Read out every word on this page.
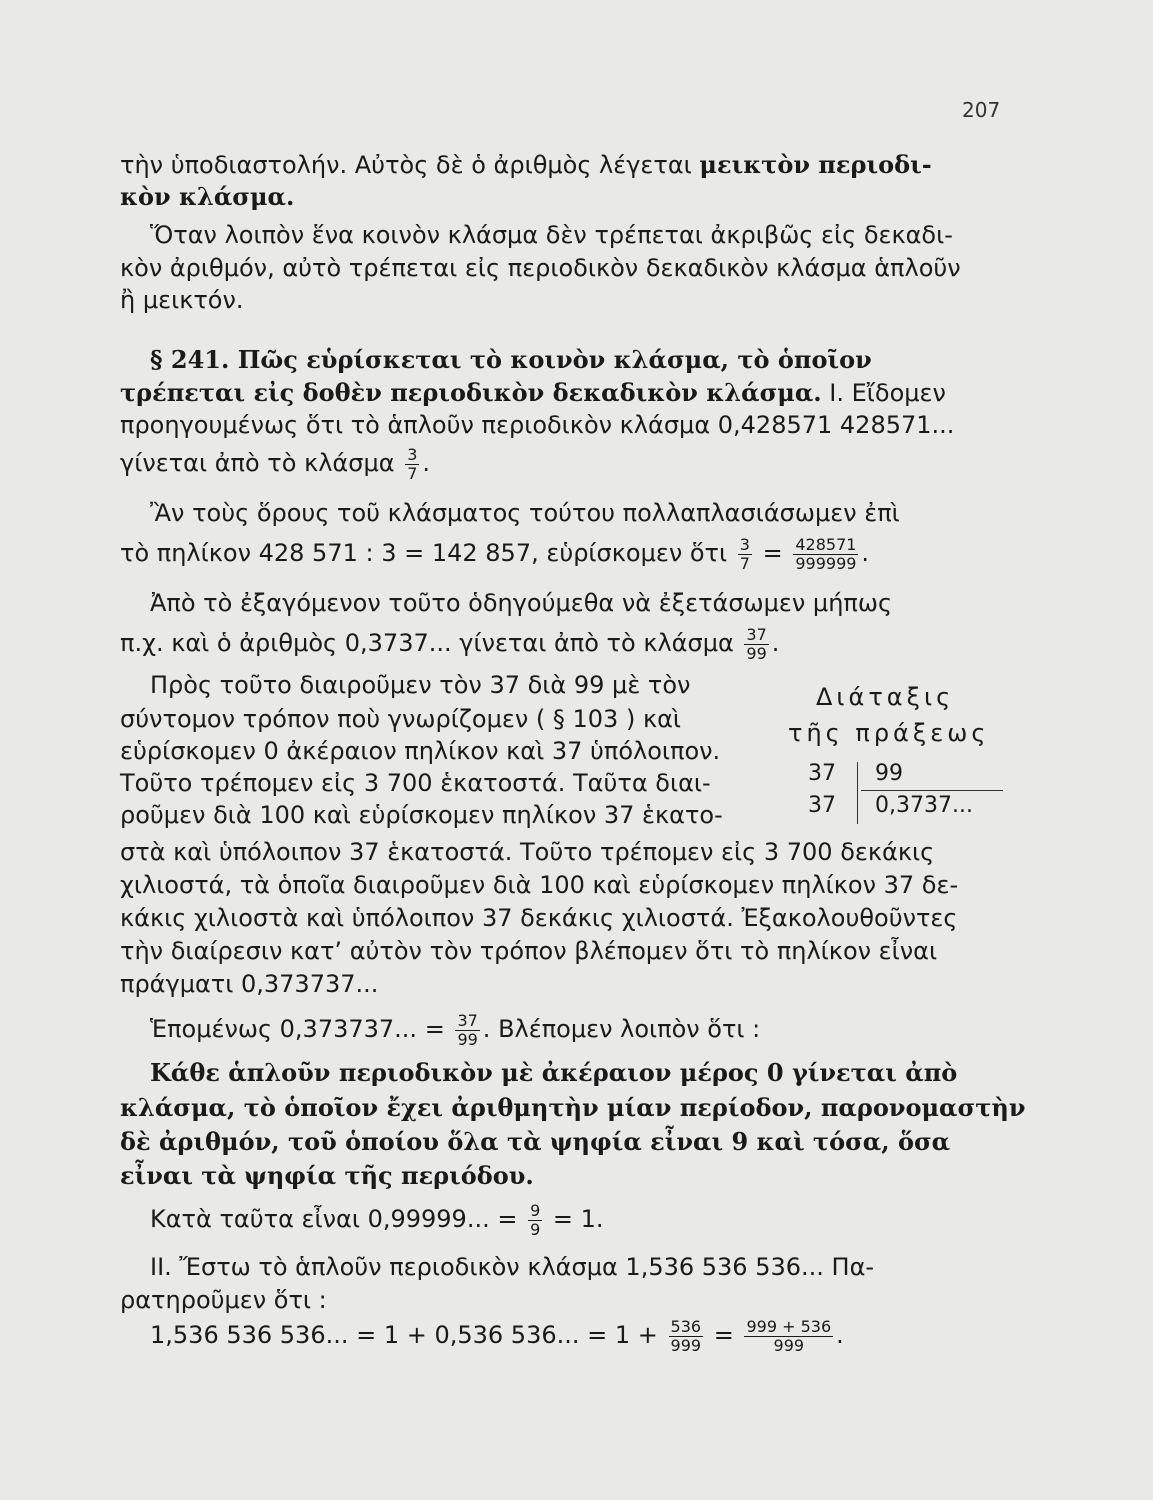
207
τὴν ὑποδιαστολήν. Αὐτὸς δὲ ὁ ἀριθμὸς λέγεται μεικτὸν περιοδι-
κὸν κλάσμα.
Ὅταν λοιπὸν ἕνα κοινὸν κλάσμα δὲν τρέπεται ἀκριβῶς εἰς δεκαδι-
κὸν ἀριθμόν, αὐτὸ τρέπεται εἰς περιοδικὸν δεκαδικὸν κλάσμα ἁπλοῦν
ἢ μεικτόν.
§ 241. Πῶς εὑρίσκεται τὸ κοινὸν κλάσμα, τὸ ὁποῖον
τρέπεται εἰς δοθὲν περιοδικὸν δεκαδικὸν κλάσμα. I. Εἴδομεν
προηγουμένως ὅτι τὸ ἁπλοῦν περιοδικὸν κλάσμα 0,428571 428571...
γίνεται ἀπὸ τὸ κλάσμα $\frac{3}{7}$ .
Ἂν τοὺς ὅρους τοῦ κλάσματος τούτου πολλαπλασιάσωμεν ἐπὶ
τὸ πηλίκον 428 571 : 3 = 142 857, εὑρίσκομεν ὅτι $\frac{3}{7} = \frac{428571}{999999}$ .
Ἀπὸ τὸ ἐξαγόμενον τοῦτο ὁδηγούμεθα νὰ ἐξετάσωμεν μήπως
π.χ. καὶ ὁ ἀριθμὸς 0,3737... γίνεται ἀπὸ τὸ κλάσμα $\frac{37}{99}$ .
Πρὸς τοῦτο διαιροῦμεν τὸν 37 διὰ 99 μὲ τὸν
σύντομον τρόπον ποὺ γνωρίζομεν ( § 103 ) καὶ
εὑρίσκομεν 0 ἀκέραιον πηλίκον καὶ 37 ὑπόλοιπον.
Τοῦτο τρέπομεν εἰς 3 700 ἑκατοστά. Ταῦτα διαι-
ροῦμεν διὰ 100 καὶ εὑρίσκομεν πηλίκον 37 ἑκατο-
στὰ καὶ ὑπόλοιπον 37 ἑκατοστά. Τοῦτο τρέπομεν εἰς 3 700 δεκάκις
χιλιοστά, τὰ ὁποῖα διαιροῦμεν διὰ 100 καὶ εὑρίσκομεν πηλίκον 37 δε-
κάκις χιλιοστὰ καὶ ὑπόλοιπον 37 δεκάκις χιλιοστά. Ἐξακολουθοῦντες
τὴν διαίρεσιν κατ’ αὐτὸν τὸν τρόπον βλέπομεν ὅτι τὸ πηλίκον εἶναι
πράγματι 0,373737...
Ἑπομένως 0,373737... = $\frac{37}{99}$ . Βλέπομεν λοιπὸν ὅτι :
Κάθε ἁπλοῦν περιοδικὸν μὲ ἀκέραιον μέρος 0 γίνεται ἀπὸ
κλάσμα, τὸ ὁποῖον ἔχει ἀριθμητὴν μίαν περίοδον, παρονομαστὴν
δὲ ἀριθμόν, τοῦ ὁποίου ὅλα τὰ ψηφία εἶναι 9 καὶ τόσα, ὅσα
εἶναι τὰ ψηφία τῆς περιόδου.
Κατὰ ταῦτα εἶναι 0,99999... = $\frac{9}{9} = 1$.
II. Ἔστω τὸ ἁπλοῦν περιοδικὸν κλάσμα 1,536 536 536... Πα-
ρατηροῦμεν ὅτι :
1,536 536 536... = 1 + 0,536 536... = $1 + \frac{536}{999} = \frac{999 + 536}{999}$ .
Διάταξις
τῆς πράξεως
37 99
37 0,3737...
